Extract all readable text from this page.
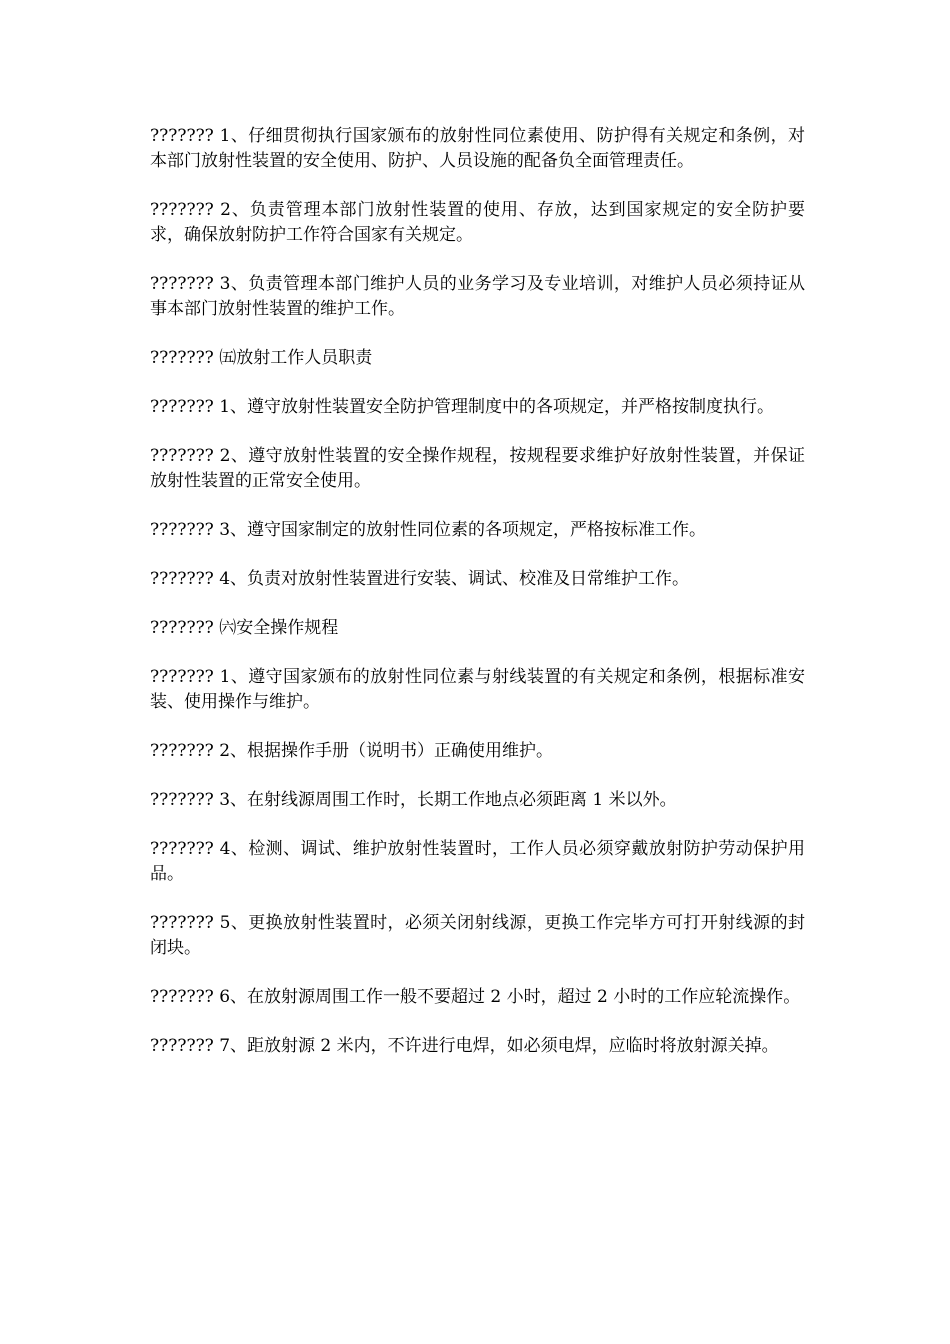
??????? 1、仔细贯彻执行国家颁布的放射性同位素使用、防护得有关规定和条例，对本部门放射性装置的安全使用、防护、人员设施的配备负全面管理责任。

??????? 2、负责管理本部门放射性装置的使用、存放，达到国家规定的安全防护要求，确保放射防护工作符合国家有关规定。

??????? 3、负责管理本部门维护人员的业务学习及专业培训，对维护人员必须持证从事本部门放射性装置的维护工作。

??????? ㈤放射工作人员职责

??????? 1、遵守放射性装置安全防护管理制度中的各项规定，并严格按制度执行。

??????? 2、遵守放射性装置的安全操作规程，按规程要求维护好放射性装置，并保证放射性装置的正常安全使用。

??????? 3、遵守国家制定的放射性同位素的各项规定，严格按标准工作。

??????? 4、负责对放射性装置进行安装、调试、校准及日常维护工作。

??????? ㈥安全操作规程

??????? 1、遵守国家颁布的放射性同位素与射线装置的有关规定和条例，根据标准安装、使用操作与维护。

??????? 2、根据操作手册（说明书）正确使用维护。

??????? 3、在射线源周围工作时，长期工作地点必须距离 1 米以外。

??????? 4、检测、调试、维护放射性装置时，工作人员必须穿戴放射防护劳动保护用品。

??????? 5、更换放射性装置时，必须关闭射线源，更换工作完毕方可打开射线源的封闭块。

??????? 6、在放射源周围工作一般不要超过 2 小时，超过 2 小时的工作应轮流操作。

??????? 7、距放射源 2 米内，不许进行电焊，如必须电焊，应临时将放射源关掉。
